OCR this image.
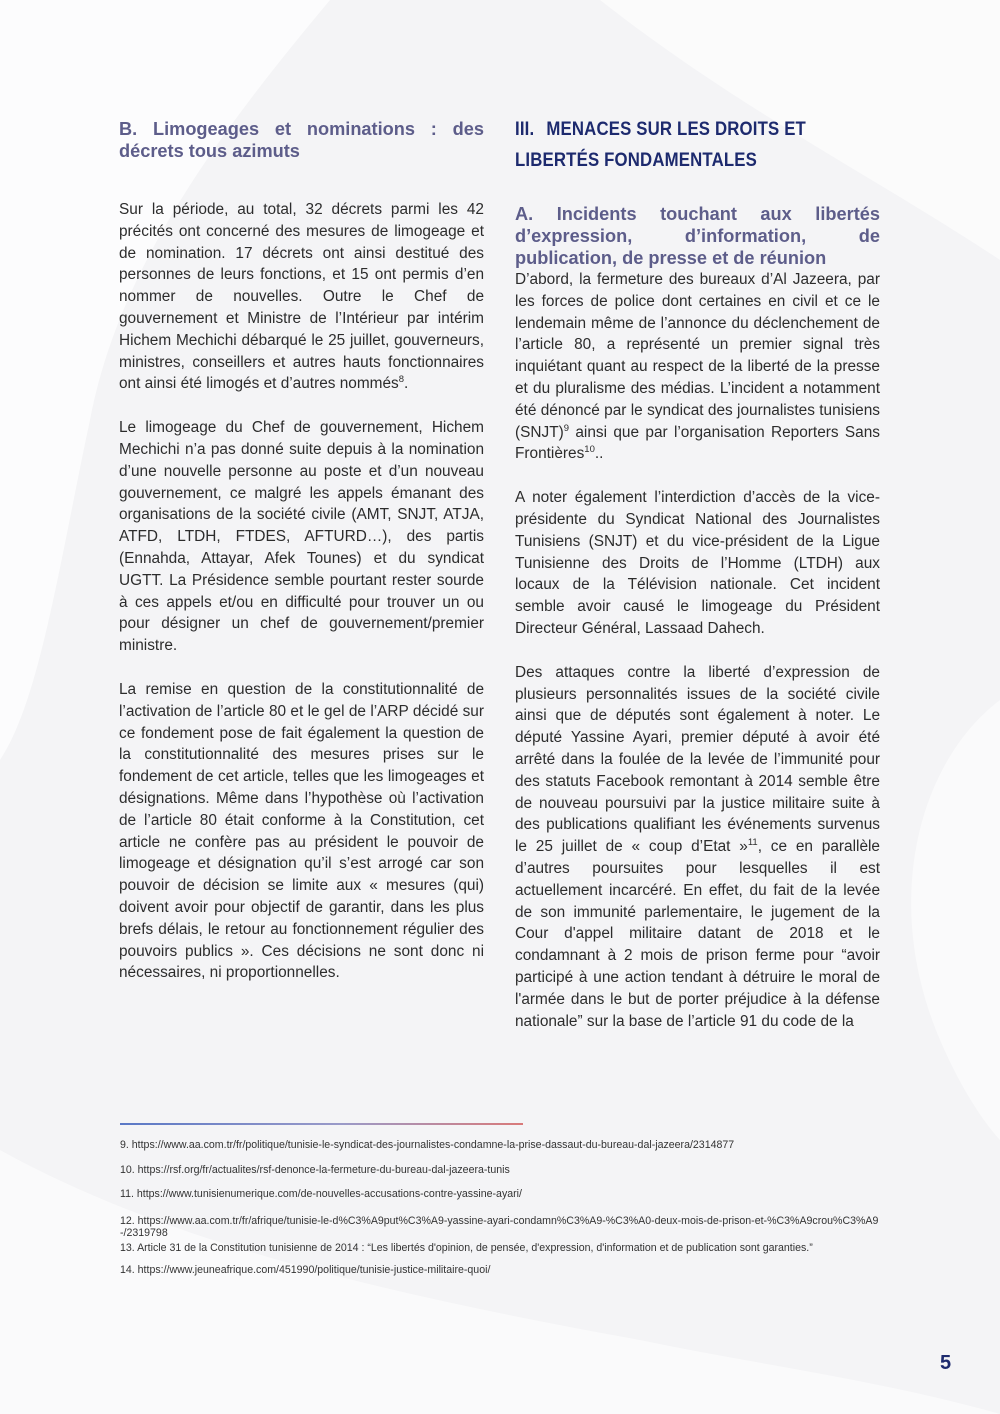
B. Limogeages et nominations : des décrets tous azimuts

Sur la période, au total, 32 décrets parmi les 42 précités ont concerné des mesures de limogeage et de nomination. 17 décrets ont ainsi destitué des personnes de leurs fonctions, et 15 ont permis d’en nommer de nouvelles. Outre le Chef de gouvernement et Ministre de l’Intérieur par intérim Hichem Mechichi débarqué le 25 juillet, gouverneurs, ministres, conseillers et autres hauts fonctionnaires ont ainsi été limogés et d’autres nommés$^8$.

Le limogeage du Chef de gouvernement, Hichem Mechichi n’a pas donné suite depuis à la nomination d’une nouvelle personne au poste et d’un nouveau gouvernement, ce malgré les appels émanant des organisations de la société civile (AMT, SNJT, ATJA, ATFD, LTDH, FTDES, AFTURD…), des partis (Ennahda, Attayar, Afek Tounes) et du syndicat UGTT. La Présidence semble pourtant rester sourde à ces appels et/ou en difficulté pour trouver un ou pour désigner un chef de gouvernement/premier ministre.

La remise en question de la constitutionnalité de l’activation de l’article 80 et le gel de l’ARP décidé sur ce fondement pose de fait également la question de la constitutionnalité des mesures prises sur le fondement de cet article, telles que les limogeages et désignations. Même dans l’hypothèse où l’activation de l’article 80 était conforme à la Constitution, cet article ne confère pas au président le pouvoir de limogeage et désignation qu’il s’est arrogé car son pouvoir de décision se limite aux « mesures (qui) doivent avoir pour objectif de garantir, dans les plus brefs délais, le retour au fonctionnement régulier des pouvoirs publics ». Ces décisions ne sont donc ni nécessaires, ni proportionnelles.

III. MENACES SUR LES DROITS ET LIBERTÉS FONDAMENTALES
A. Incidents touchant aux libertés d’expression, d’information, de publication, de presse et de réunion

D’abord, la fermeture des bureaux d’Al Jazeera, par les forces de police dont certaines en civil et ce le lendemain même de l’annonce du déclenchement de l’article 80, a représenté un premier signal très inquiétant quant au respect de la liberté de la presse et du pluralisme des médias. L’incident a notamment été dénoncé par le syndicat des journalistes tunisiens (SNJT)$^9$ ainsi que par l’organisation Reporters Sans Frontières$^{10}$..

A noter également l’interdiction d’accès de la vice-présidente du Syndicat National des Journalistes Tunisiens (SNJT) et du vice-président de la Ligue Tunisienne des Droits de l’Homme (LTDH) aux locaux de la Télévision nationale. Cet incident semble avoir causé le limogeage du Président Directeur Général, Lassaad Dahech.

Des attaques contre la liberté d’expression de plusieurs personnalités issues de la société civile ainsi que de députés sont également à noter. Le député Yassine Ayari, premier député à avoir été arrêté dans la foulée de la levée de l’immunité pour des statuts Facebook remontant à 2014 semble être de nouveau poursuivi par la justice militaire suite à des publications qualifiant les événements survenus le 25 juillet de « coup d’Etat »$^{11}$, ce en parallèle d’autres poursuites pour lesquelles il est actuellement incarcéré. En effet, du fait de la levée de son immunité parlementaire, le jugement de la Cour d'appel militaire datant de 2018 et le condamnant à 2 mois de prison ferme pour “avoir participé à une action tendant à détruire le moral de l'armée dans le but de porter préjudice à la défense nationale” sur la base de l’article 91 du code de la

9. https://www.aa.com.tr/fr/politique/tunisie-le-syndicat-des-journalistes-condamne-la-prise-dassaut-du-bureau-dal-jazeera/2314877

10. https://rsf.org/fr/actualites/rsf-denonce-la-fermeture-du-bureau-dal-jazeera-tunis

11. https://www.tunisienumerique.com/de-nouvelles-accusations-contre-yassine-ayari/

12. https://www.aa.com.tr/fr/afrique/tunisie-le-d%C3%A9put%C3%A9-yassine-ayari-condamn%C3%A9-%C3%A0-deux-mois-de-prison-et-%C3%A9crou%C3%A9-/2319798

13. Article 31 de la Constitution tunisienne de 2014 : “Les libertés d'opinion, de pensée, d'expression, d'information et de publication sont garanties.”

14. https://www.jeuneafrique.com/451990/politique/tunisie-justice-militaire-quoi/

5
